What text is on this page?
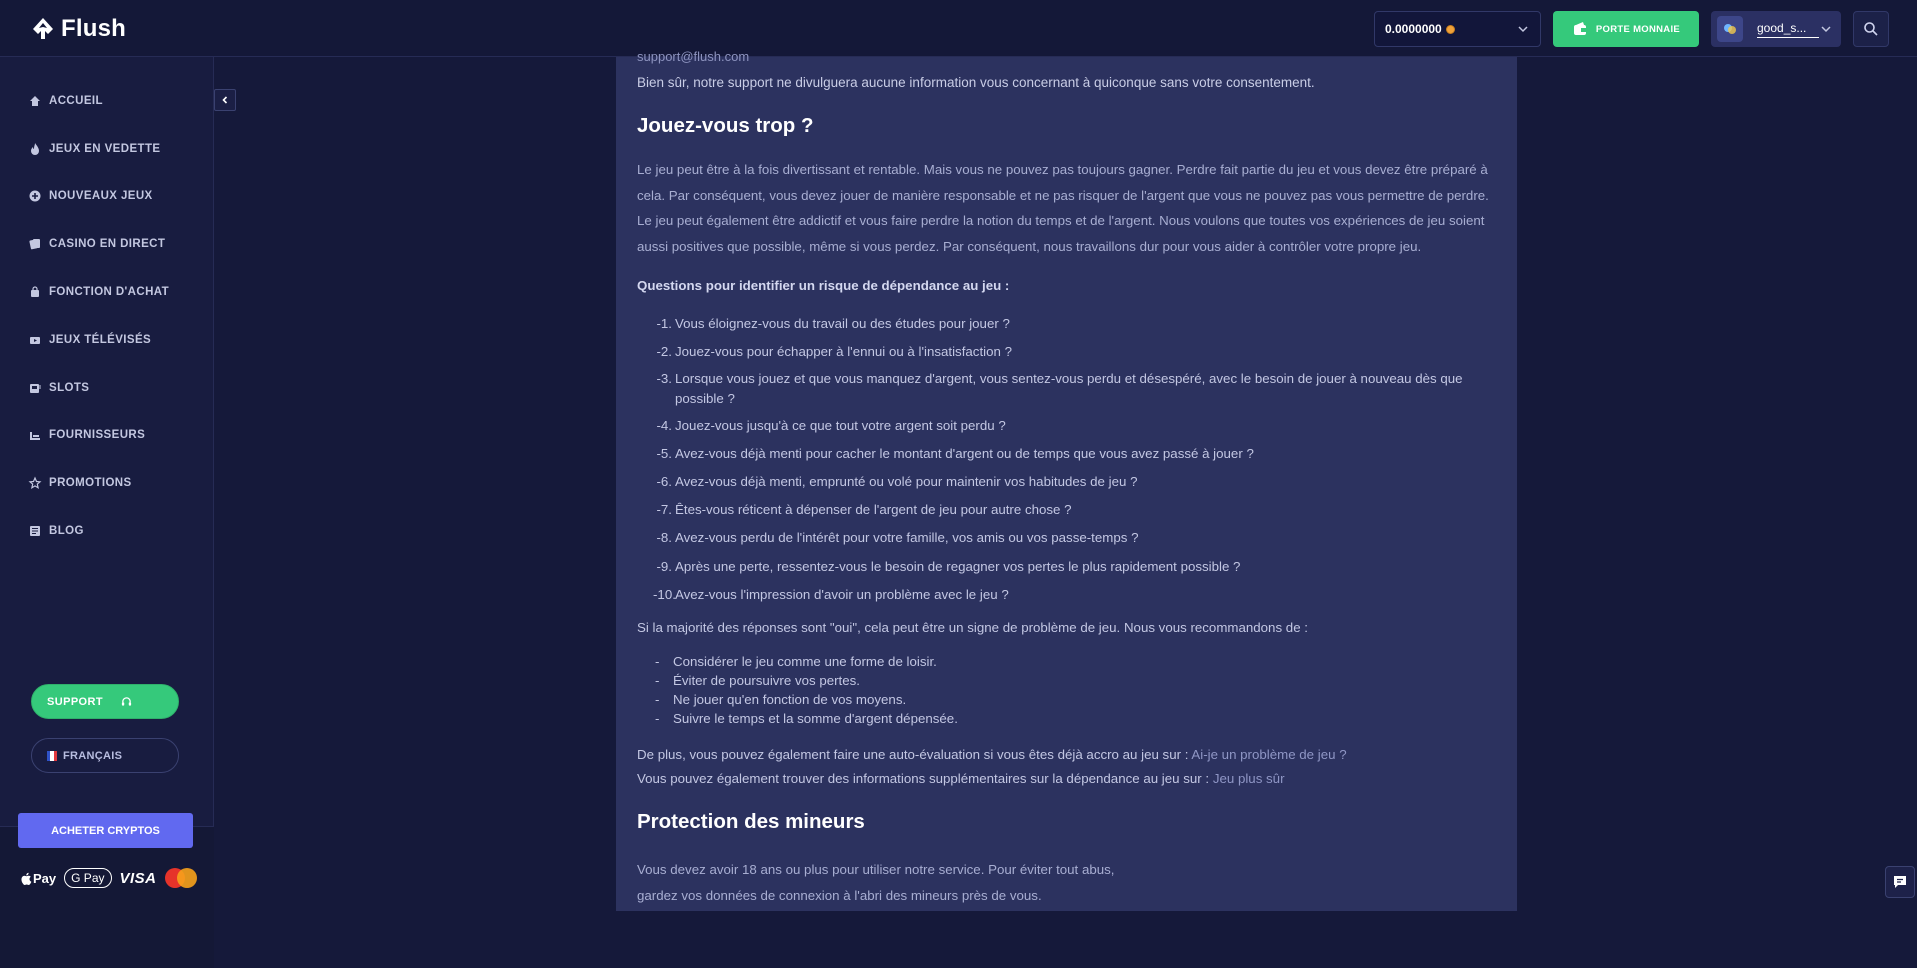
Flush	0.0000000	PORTE MONNAIE	good_s...
ACCUEIL
JEUX EN VEDETTE
NOUVEAUX JEUX
CASINO EN DIRECT
FONCTION D'ACHAT
JEUX TÉLÉVISÉS
SLOTS
FOURNISSEURS
PROMOTIONS
BLOG
SUPPORT
FRANÇAIS
ACHETER CRYPTOS
Pay	G Pay	VISA
support@flush.com
Bien sûr, notre support ne divulguera aucune information vous concernant à quiconque sans votre consentement.
Jouez-vous trop ?
Le jeu peut être à la fois divertissant et rentable. Mais vous ne pouvez pas toujours gagner. Perdre fait partie du jeu et vous devez être préparé à cela. Par conséquent, vous devez jouer de manière responsable et ne pas risquer de l'argent que vous ne pouvez pas vous permettre de perdre. Le jeu peut également être addictif et vous faire perdre la notion du temps et de l'argent. Nous voulons que toutes vos expériences de jeu soient aussi positives que possible, même si vous perdez. Par conséquent, nous travaillons dur pour vous aider à contrôler votre propre jeu.
Questions pour identifier un risque de dépendance au jeu :
-1. Vous éloignez-vous du travail ou des études pour jouer ?
-2. Jouez-vous pour échapper à l'ennui ou à l'insatisfaction ?
-3. Lorsque vous jouez et que vous manquez d'argent, vous sentez-vous perdu et désespéré, avec le besoin de jouer à nouveau dès que possible ?
-4. Jouez-vous jusqu'à ce que tout votre argent soit perdu ?
-5. Avez-vous déjà menti pour cacher le montant d'argent ou de temps que vous avez passé à jouer ?
-6. Avez-vous déjà menti, emprunté ou volé pour maintenir vos habitudes de jeu ?
-7. Êtes-vous réticent à dépenser de l'argent de jeu pour autre chose ?
-8. Avez-vous perdu de l'intérêt pour votre famille, vos amis ou vos passe-temps ?
-9. Après une perte, ressentez-vous le besoin de regagner vos pertes le plus rapidement possible ?
-10. Avez-vous l'impression d'avoir un problème avec le jeu ?
Si la majorité des réponses sont "oui", cela peut être un signe de problème de jeu. Nous vous recommandons de :
-	Considérer le jeu comme une forme de loisir.
-	Éviter de poursuivre vos pertes.
-	Ne jouer qu'en fonction de vos moyens.
-	Suivre le temps et la somme d'argent dépensée.
De plus, vous pouvez également faire une auto-évaluation si vous êtes déjà accro au jeu sur : Ai-je un problème de jeu ?
Vous pouvez également trouver des informations supplémentaires sur la dépendance au jeu sur : Jeu plus sûr
Protection des mineurs
Vous devez avoir 18 ans ou plus pour utiliser notre service. Pour éviter tout abus, gardez vos données de connexion à l'abri des mineurs près de vous.
